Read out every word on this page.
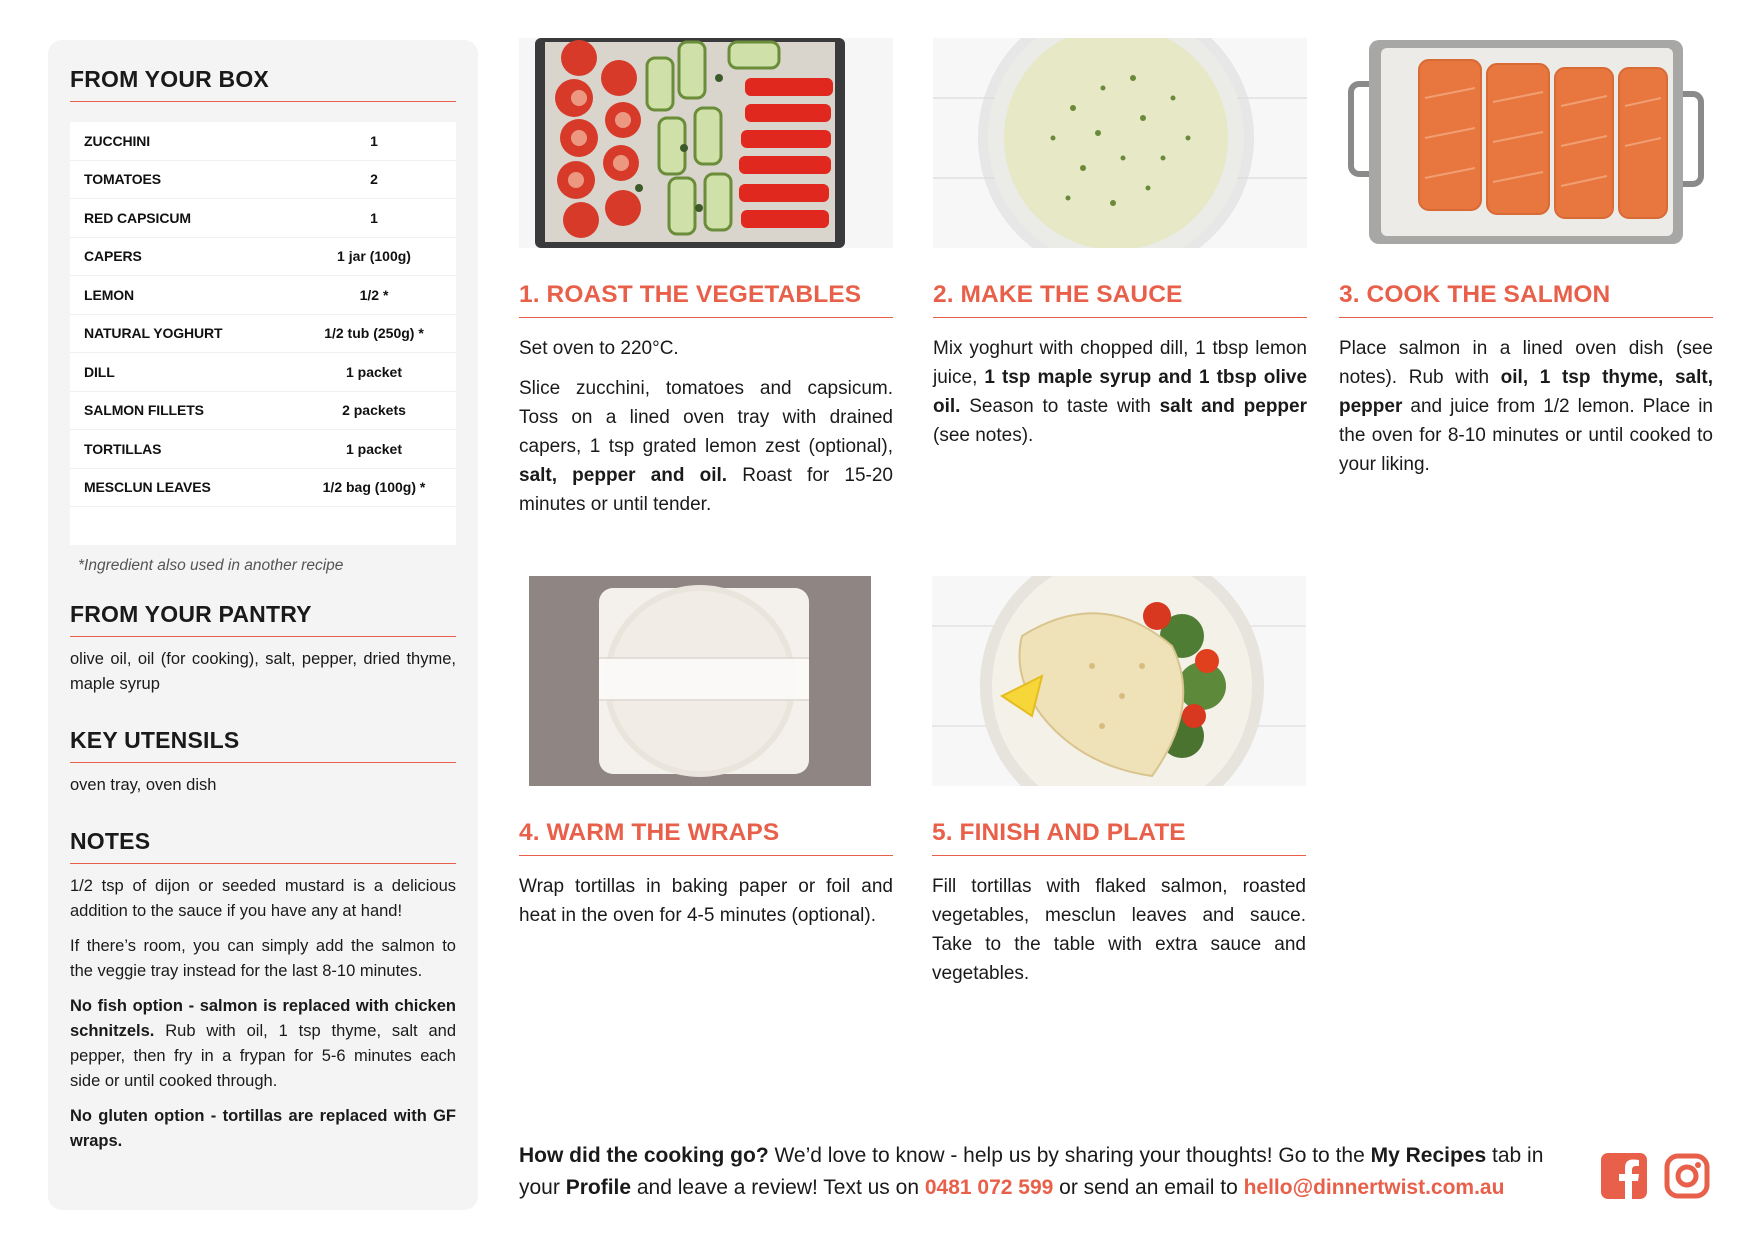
FROM YOUR BOX
ZUCCHINI	1
TOMATOES	2
RED CAPSICUM	1
CAPERS	1 jar (100g)
LEMON	1/2 *
NATURAL YOGHURT	1/2 tub (250g) *
DILL	1 packet
SALMON FILLETS	2 packets
TORTILLAS	1 packet
MESCLUN LEAVES	1/2 bag (100g) *
*Ingredient also used in another recipe
FROM YOUR PANTRY
olive oil, oil (for cooking), salt, pepper, dried thyme, maple syrup
KEY UTENSILS
oven tray, oven dish
NOTES

1/2 tsp of dijon or seeded mustard is a delicious addition to the sauce if you have any at hand!

If there’s room, you can simply add the salmon to the veggie tray instead for the last 8-10 minutes.

No fish option - salmon is replaced with chicken schnitzels. Rub with oil, 1 tsp thyme, salt and pepper, then fry in a frypan for 5-6 minutes each side or until cooked through.

No gluten option - tortillas are replaced with GF wraps.

1. ROAST THE VEGETABLES

Set oven to 220°C.

Slice zucchini, tomatoes and capsicum. Toss on a lined oven tray with drained capers, 1 tsp grated lemon zest (optional), salt, pepper and oil. Roast for 15-20 minutes or until tender.

2. MAKE THE SAUCE

Mix yoghurt with chopped dill, 1 tbsp lemon juice, 1 tsp maple syrup and 1 tbsp olive oil. Season to taste with salt and pepper (see notes).

3. COOK THE SALMON

Place salmon in a lined oven dish (see notes). Rub with oil, 1 tsp thyme, salt, pepper and juice from 1/2 lemon. Place in the oven for 8-10 minutes or until cooked to your liking.

4. WARM THE WRAPS

Wrap tortillas in baking paper or foil and heat in the oven for 4-5 minutes (optional).

5. FINISH AND PLATE

Fill tortillas with flaked salmon, roasted vegetables, mesclun leaves and sauce. Take to the table with extra sauce and vegetables.

How did the cooking go? We’d love to know - help us by sharing your thoughts! Go to the My Recipes tab in your Profile and leave a review! Text us on 0481 072 599 or send an email to hello@dinnertwist.com.au
